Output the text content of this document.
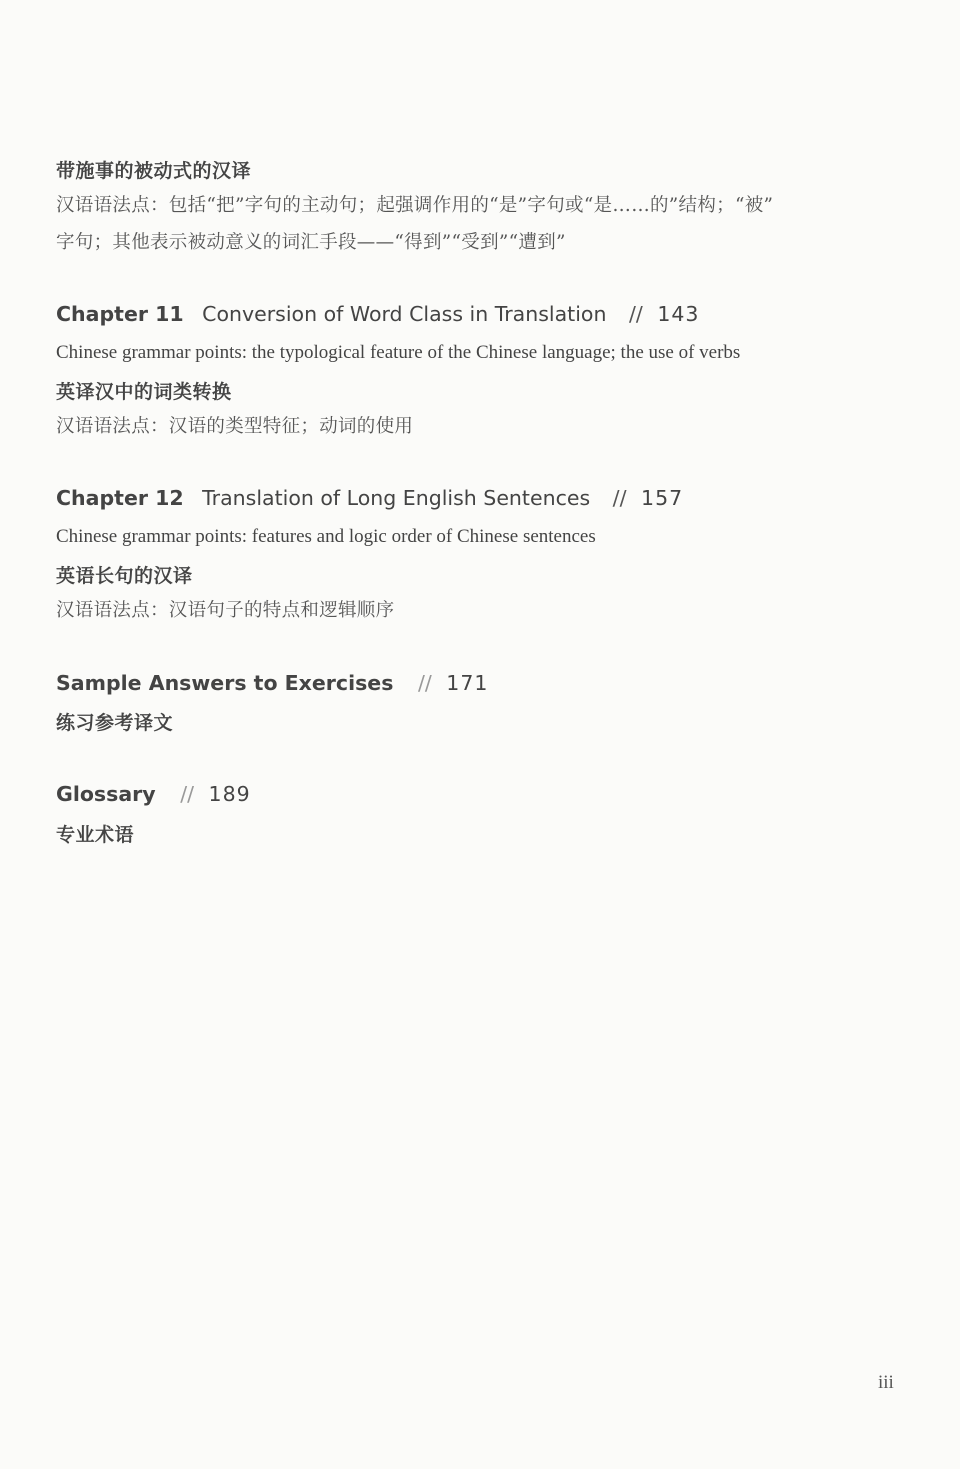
带施事的被动式的汉译
汉语语法点：包括“把”字句的主动句；起强调作用的“是”字句或“是……的”结构；“被”
字句；其他表示被动意义的词汇手段——“得到”“受到”“遭到”
Chapter 11 Conversion of Word Class in Translation // 143
Chinese grammar points: the typological feature of the Chinese language; the use of verbs
英译汉中的词类转换
汉语语法点：汉语的类型特征；动词的使用
Chapter 12 Translation of Long English Sentences // 157
Chinese grammar points: features and logic order of Chinese sentences
英语长句的汉译
汉语语法点：汉语句子的特点和逻辑顺序
Sample Answers to Exercises // 171
练习参考译文
Glossary // 189
专业术语
iii
